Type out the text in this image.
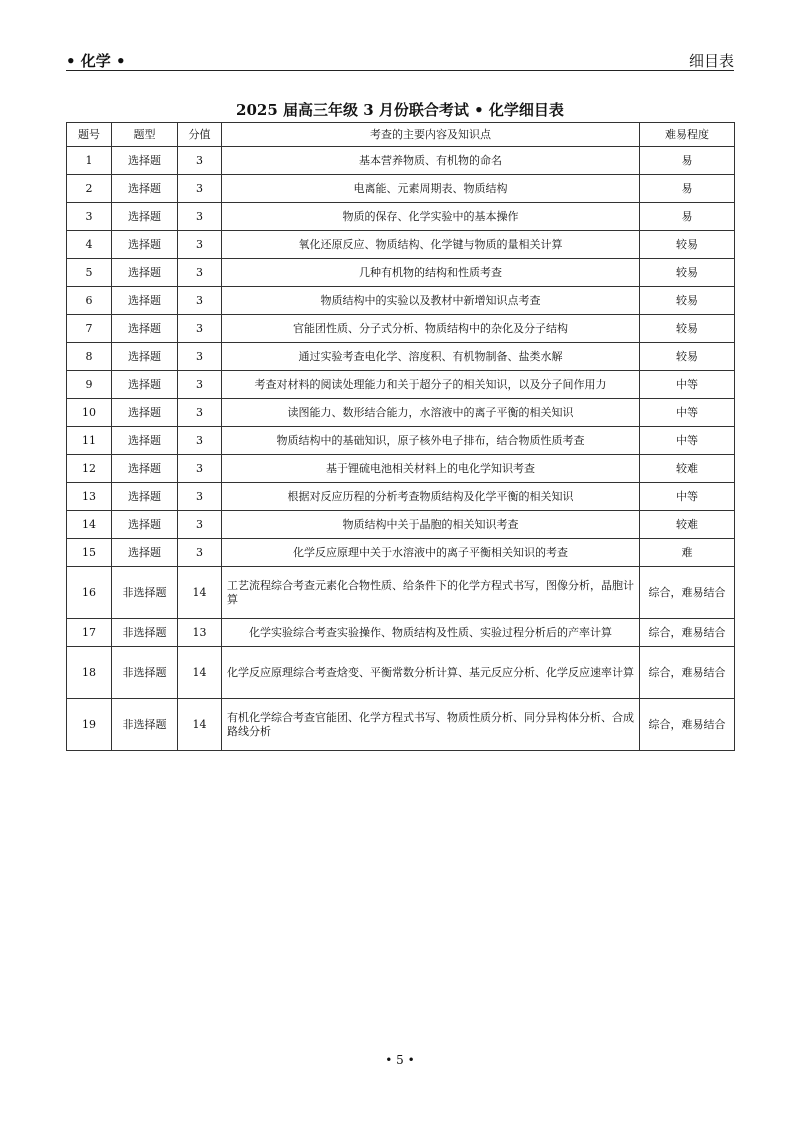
• 化学 •	细目表
2025 届高三年级 3 月份联合考试 • 化学细目表
题号	题型	分值	考查的主要内容及知识点	难易程度
1	选择题	3	基本营养物质、有机物的命名	易
2	选择题	3	电离能、元素周期表、物质结构	易
3	选择题	3	物质的保存、化学实验中的基本操作	易
4	选择题	3	氧化还原反应、物质结构、化学键与物质的量相关计算	较易
5	选择题	3	几种有机物的结构和性质考查	较易
6	选择题	3	物质结构中的实验以及教材中新增知识点考查	较易
7	选择题	3	官能团性质、分子式分析、物质结构中的杂化及分子结构	较易
8	选择题	3	通过实验考查电化学、溶度积、有机物制备、盐类水解	较易
9	选择题	3	考查对材料的阅读处理能力和关于超分子的相关知识，以及分子间作用力	中等
10	选择题	3	读图能力、数形结合能力，水溶液中的离子平衡的相关知识	中等
11	选择题	3	物质结构中的基础知识，原子核外电子排布，结合物质性质考查	中等
12	选择题	3	基于锂硫电池相关材料上的电化学知识考查	较难
13	选择题	3	根据对反应历程的分析考查物质结构及化学平衡的相关知识	中等
14	选择题	3	物质结构中关于晶胞的相关知识考查	较难
15	选择题	3	化学反应原理中关于水溶液中的离子平衡相关知识的考查	难
16	非选择题	14	工艺流程综合考查元素化合物性质、给条件下的化学方程式书写，图像分析，晶胞计算	综合，难易结合
17	非选择题	13	化学实验综合考查实验操作、物质结构及性质、实验过程分析后的产率计算	综合，难易结合
18	非选择题	14	化学反应原理综合考查焓变、平衡常数分析计算、基元反应分析、化学反应速率计算	综合，难易结合
19	非选择题	14	有机化学综合考查官能团、化学方程式书写、物质性质分析、同分异构体分析、合成路线分析	综合，难易结合
• 5 •
